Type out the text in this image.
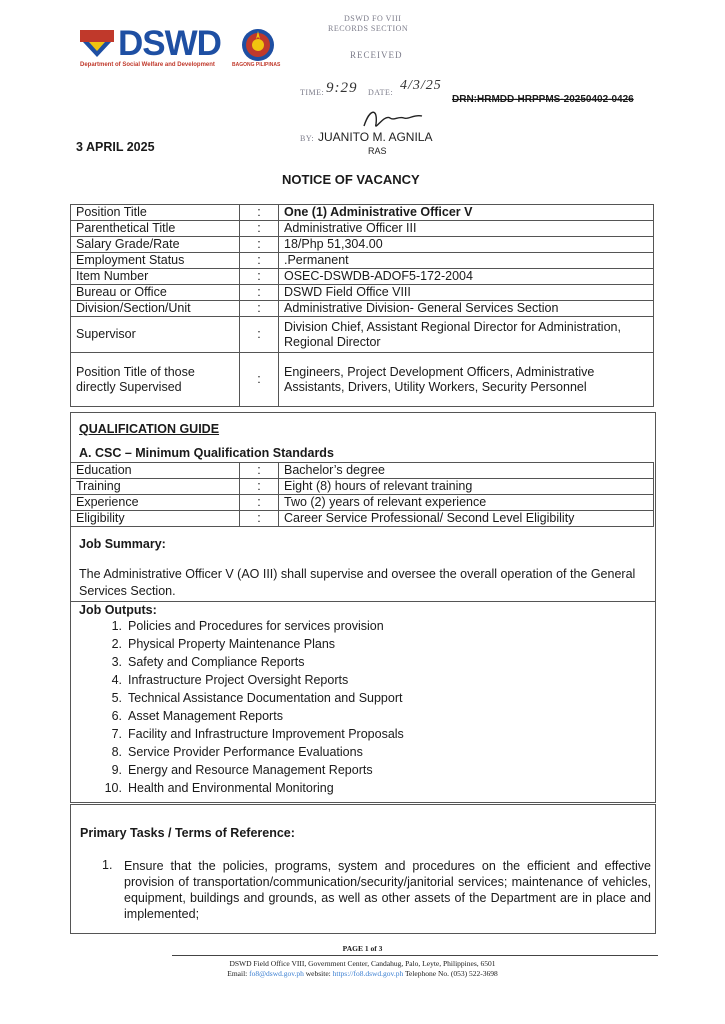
DSWD
Department of Social Welfare and Development	BAGONG PILIPINAS
DSWD FO VIII
RECORDS SECTION
RECEIVED
TIME: 9:29 DATE: 4/3/25
BY:
DRN:HRMDD-HRPPMS-20250402-0426
JUANITO M. AGNILA
RAS
3 APRIL 2025
NOTICE OF VACANCY
Position Title	:	One (1) Administrative Officer V
Parenthetical Title	:	Administrative Officer III
Salary Grade/Rate	:	18/Php 51,304.00
Employment Status	:	.Permanent
Item Number	:	OSEC-DSWDB-ADOF5-172-2004
Bureau or Office	:	DSWD Field Office VIII
Division/Section/Unit	:	Administrative Division- General Services Section
Supervisor	:	Division Chief, Assistant Regional Director for Administration, Regional Director
Position Title of those directly Supervised	:	Engineers, Project Development Officers, Administrative Assistants, Drivers, Utility Workers, Security Personnel
QUALIFICATION GUIDE
A. CSC – Minimum Qualification Standards
Education	:	Bachelor’s degree
Training	:	Eight (8) hours of relevant training
Experience	:	Two (2) years of relevant experience
Eligibility	:	Career Service Professional/ Second Level Eligibility
Job Summary:
The Administrative Officer V (AO III) shall supervise and oversee the overall operation of the General Services Section.
Job Outputs:
1. Policies and Procedures for services provision
2. Physical Property Maintenance Plans
3. Safety and Compliance Reports
4. Infrastructure Project Oversight Reports
5. Technical Assistance Documentation and Support
6. Asset Management Reports
7. Facility and Infrastructure Improvement Proposals
8. Service Provider Performance Evaluations
9. Energy and Resource Management Reports
10. Health and Environmental Monitoring
Primary Tasks / Terms of Reference:
1. Ensure that the policies, programs, system and procedures on the efficient and effective provision of transportation/communication/security/janitorial services; maintenance of vehicles, equipment, buildings and grounds, as well as other assets of the Department are in place and implemented;
PAGE 1 of 3
DSWD Field Office VIII, Government Center, Candahug, Palo, Leyte, Philippines, 6501
Email: fo8@dswd.gov.ph website: https://fo8.dswd.gov.ph Telephone No. (053) 522-3698
